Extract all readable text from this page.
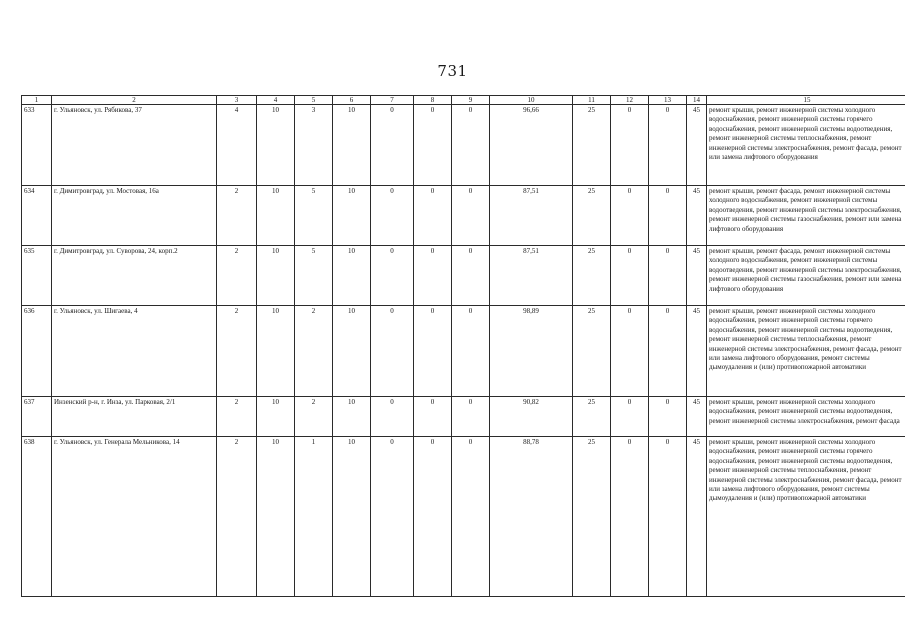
731
1	2	3	4	5	6	7	8	9	10	11	12	13	14	15
633	г. Ульяновск, ул. Рябикова, 37	4	10	3	10	0	0	0	96,66	25	0	0	45	ремонт крыши, ремонт инженерной системы холодного водоснабжения, ремонт инженерной системы горячего водоснабжения, ремонт инженерной системы водоотведения, ремонт инженерной системы теплоснабжения, ремонт инженерной системы электроснабжения, ремонт фасада, ремонт или замена лифтового оборудования
634	г. Димитровград, ул. Мостовая, 16а	2	10	5	10	0	0	0	87,51	25	0	0	45	ремонт крыши, ремонт фасада, ремонт инженерной системы холодного водоснабжения, ремонт инженерной системы водоотведения, ремонт инженерной системы электроснабжения, ремонт инженерной системы газоснабжения, ремонт или замена лифтового оборудования
635	г. Димитровград, ул. Суворова, 24, корп.2	2	10	5	10	0	0	0	87,51	25	0	0	45	ремонт крыши, ремонт фасада, ремонт инженерной системы холодного водоснабжения, ремонт инженерной системы водоотведения, ремонт инженерной системы электроснабжения, ремонт инженерной системы газоснабжения, ремонт или замена лифтового оборудования
636	г. Ульяновск, ул. Шигаева, 4	2	10	2	10	0	0	0	98,89	25	0	0	45	ремонт крыши, ремонт инженерной системы холодного водоснабжения, ремонт инженерной системы горячего водоснабжения, ремонт инженерной системы водоотведения, ремонт инженерной системы теплоснабжения, ремонт инженерной системы электроснабжения, ремонт фасада, ремонт или замена лифтового оборудования, ремонт системы дымоудаления и (или) противопожарной автоматики
637	Инзенский р-н, г. Инза, ул. Парковая, 2/1	2	10	2	10	0	0	0	90,82	25	0	0	45	ремонт крыши, ремонт инженерной системы холодного водоснабжения, ремонт инженерной системы водоотведения, ремонт инженерной системы электроснабжения, ремонт фасада
638	г. Ульяновск, ул. Генерала Мельникова, 14	2	10	1	10	0	0	0	88,78	25	0	0	45	ремонт крыши, ремонт инженерной системы холодного водоснабжения, ремонт инженерной системы горячего водоснабжения, ремонт инженерной системы водоотведения, ремонт инженерной системы теплоснабжения, ремонт инженерной системы электроснабжения, ремонт фасада, ремонт или замена лифтового оборудования, ремонт системы дымоудаления и (или) противопожарной автоматики
